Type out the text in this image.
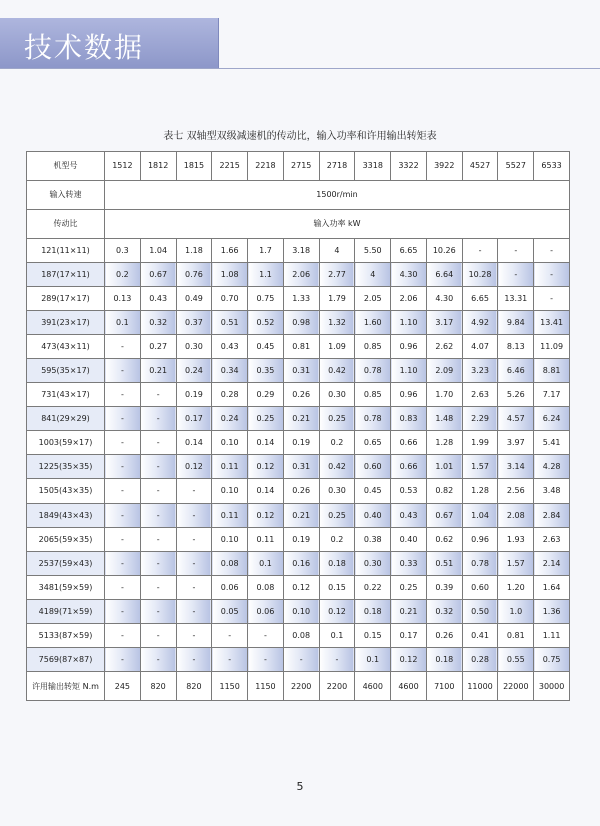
技术数据
表七 双轴型双级减速机的传动比，输入功率和许用输出转矩表
机型号	1512	1812	1815	2215	2218	2715	2718	3318	3322	3922	4527	5527	6533
输入转速	1500r/min												
传动比	输入功率 kW												
121(11×11)	0.3	1.04	1.18	1.66	1.7	3.18	4	5.50	6.65	10.26	-	-	-
187(17×11)	0.2	0.67	0.76	1.08	1.1	2.06	2.77	4	4.30	6.64	10.28	-	-
289(17×17)	0.13	0.43	0.49	0.70	0.75	1.33	1.79	2.05	2.06	4.30	6.65	13.31	-
391(23×17)	0.1	0.32	0.37	0.51	0.52	0.98	1.32	1.60	1.10	3.17	4.92	9.84	13.41
473(43×11)	-	0.27	0.30	0.43	0.45	0.81	1.09	0.85	0.96	2.62	4.07	8.13	11.09
595(35×17)	-	0.21	0.24	0.34	0.35	0.31	0.42	0.78	1.10	2.09	3.23	6.46	8.81
731(43×17)	-	-	0.19	0.28	0.29	0.26	0.30	0.85	0.96	1.70	2.63	5.26	7.17
841(29×29)	-	-	0.17	0.24	0.25	0.21	0.25	0.78	0.83	1.48	2.29	4.57	6.24
1003(59×17)	-	-	0.14	0.10	0.14	0.19	0.2	0.65	0.66	1.28	1.99	3.97	5.41
1225(35×35)	-	-	0.12	0.11	0.12	0.31	0.42	0.60	0.66	1.01	1.57	3.14	4.28
1505(43×35)	-	-	-	0.10	0.14	0.26	0.30	0.45	0.53	0.82	1.28	2.56	3.48
1849(43×43)	-	-	-	0.11	0.12	0.21	0.25	0.40	0.43	0.67	1.04	2.08	2.84
2065(59×35)	-	-	-	0.10	0.11	0.19	0.2	0.38	0.40	0.62	0.96	1.93	2.63
2537(59×43)	-	-	-	0.08	0.1	0.16	0.18	0.30	0.33	0.51	0.78	1.57	2.14
3481(59×59)	-	-	-	0.06	0.08	0.12	0.15	0.22	0.25	0.39	0.60	1.20	1.64
4189(71×59)	-	-	-	0.05	0.06	0.10	0.12	0.18	0.21	0.32	0.50	1.0	1.36
5133(87×59)	-	-	-	-	-	0.08	0.1	0.15	0.17	0.26	0.41	0.81	1.11
7569(87×87)	-	-	-	-	-	-	-	0.1	0.12	0.18	0.28	0.55	0.75
许用输出转矩 N.m	245	820	820	1150	1150	2200	2200	4600	4600	7100	11000	22000	30000
5
